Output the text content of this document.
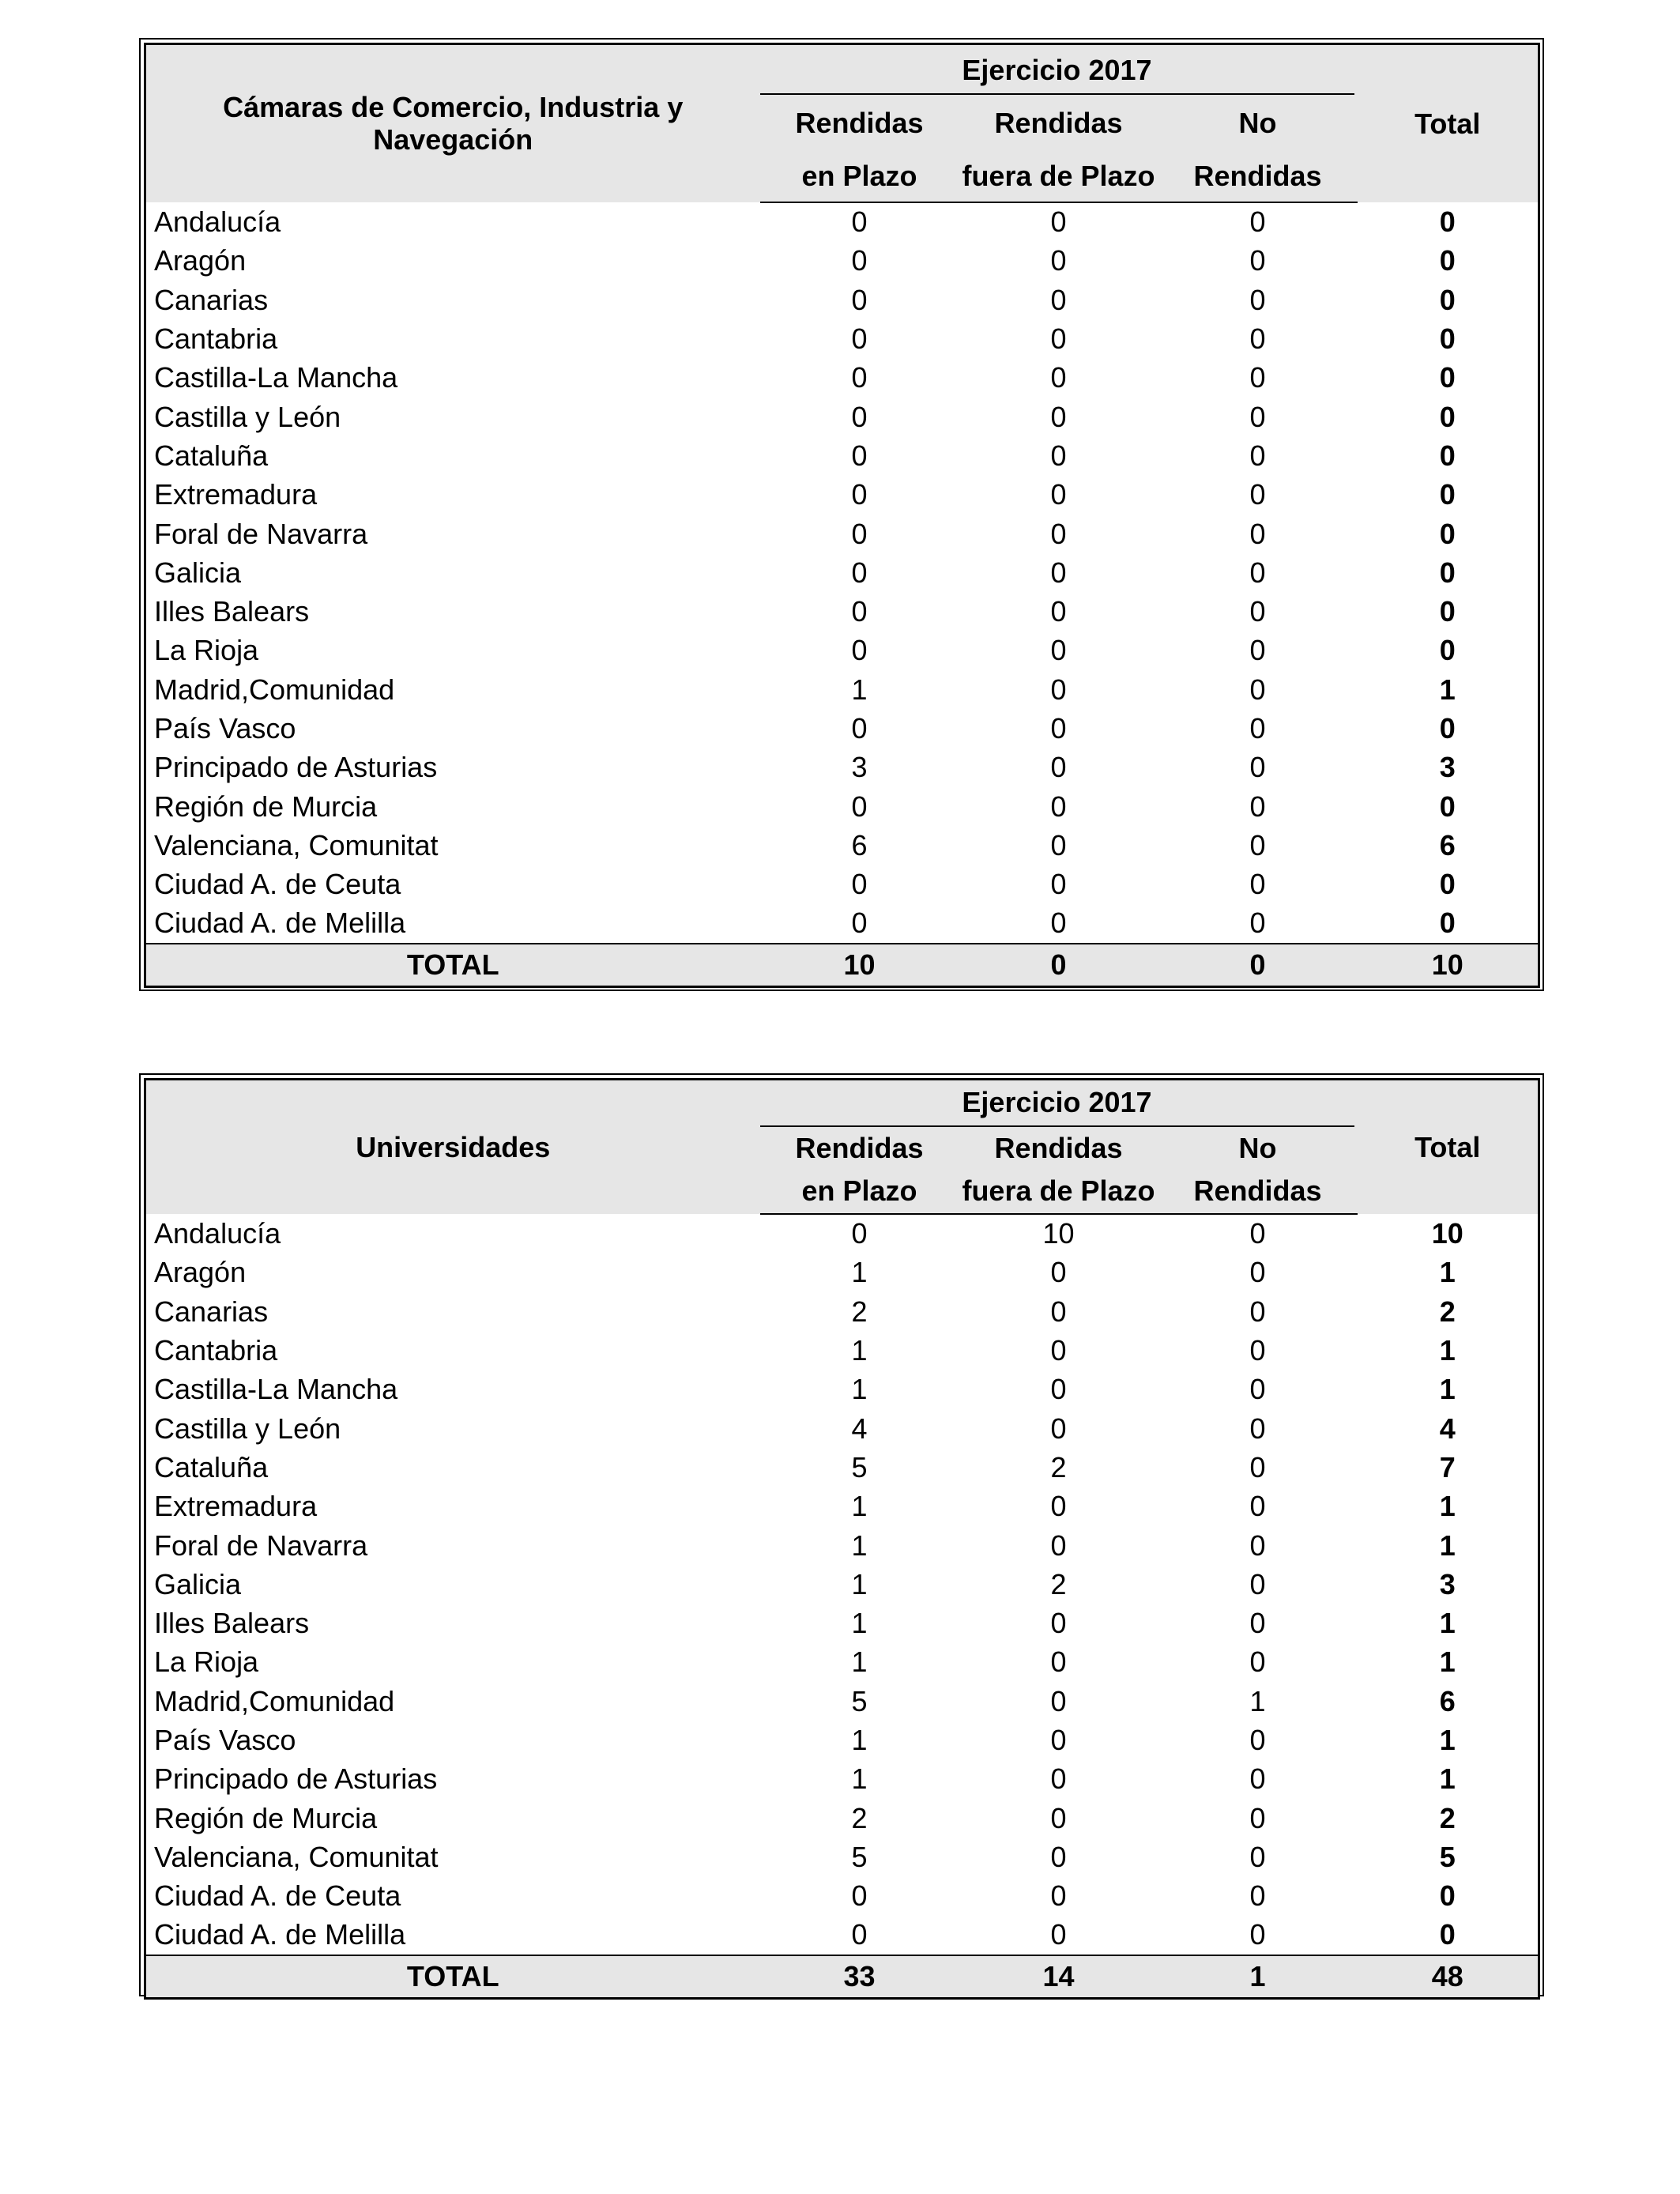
Cámaras de Comercio, Industria y Navegación	Ejercicio 2017			Total
	Rendidas	Rendidas	No	
	en Plazo	fuera de Plazo	Rendidas	
Andalucía	0	0	0	0
Aragón	0	0	0	0
Canarias	0	0	0	0
Cantabria	0	0	0	0
Castilla-La Mancha	0	0	0	0
Castilla y León	0	0	0	0
Cataluña	0	0	0	0
Extremadura	0	0	0	0
Foral de Navarra	0	0	0	0
Galicia	0	0	0	0
Illes Balears	0	0	0	0
La Rioja	0	0	0	0
Madrid,Comunidad	1	0	0	1
País Vasco	0	0	0	0
Principado de Asturias	3	0	0	3
Región de Murcia	0	0	0	0
Valenciana, Comunitat	6	0	0	6
Ciudad A. de Ceuta	0	0	0	0
Ciudad A. de Melilla	0	0	0	0
TOTAL	10	0	0	10
Universidades	Ejercicio 2017			Total
	Rendidas	Rendidas	No	
	en Plazo	fuera de Plazo	Rendidas	
Andalucía	0	10	0	10
Aragón	1	0	0	1
Canarias	2	0	0	2
Cantabria	1	0	0	1
Castilla-La Mancha	1	0	0	1
Castilla y León	4	0	0	4
Cataluña	5	2	0	7
Extremadura	1	0	0	1
Foral de Navarra	1	0	0	1
Galicia	1	2	0	3
Illes Balears	1	0	0	1
La Rioja	1	0	0	1
Madrid,Comunidad	5	0	1	6
País Vasco	1	0	0	1
Principado de Asturias	1	0	0	1
Región de Murcia	2	0	0	2
Valenciana, Comunitat	5	0	0	5
Ciudad A. de Ceuta	0	0	0	0
Ciudad A. de Melilla	0	0	0	0
TOTAL	33	14	1	48
